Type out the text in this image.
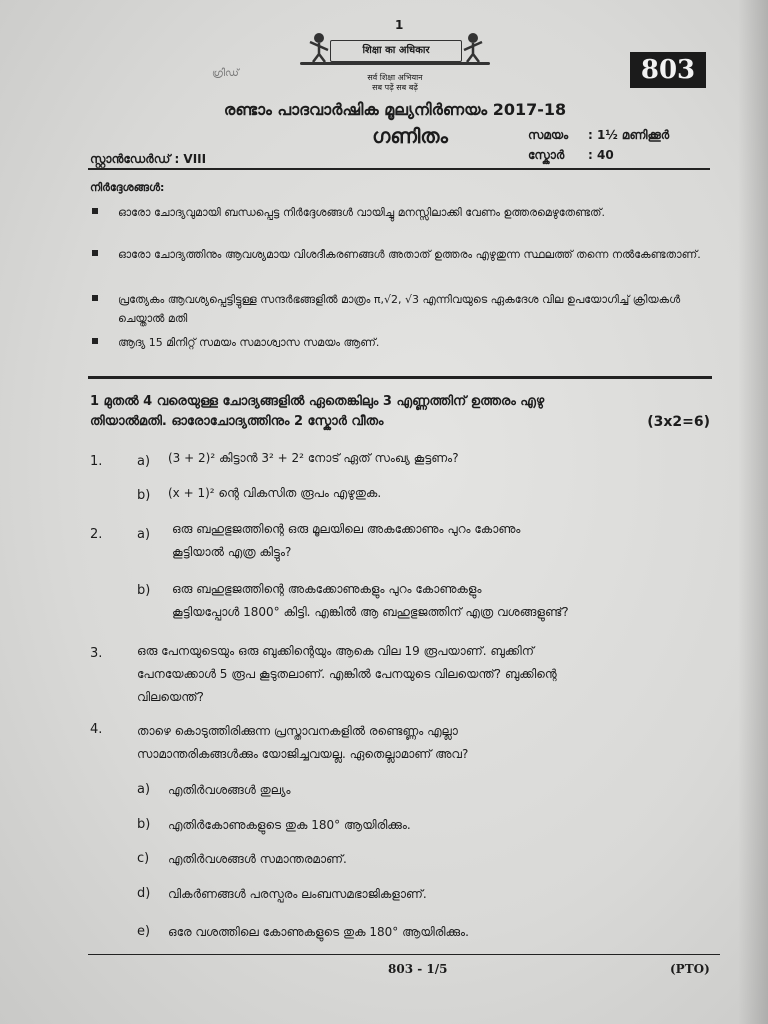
1
शिक्षा का अधिकार
सर्व शिक्षा अभियान
सब पढ़ें सब बढ़ें
ഗ്രിഡ്	803
രണ്ടാം പാദവാർഷിക മൂല്യനിർണയം 2017-18
ഗണിതം	സമയം : 1½ മണിക്കൂർ
സ്കോർ : 40
സ്റ്റാൻഡേർഡ് : VIII
നിർദ്ദേശങ്ങൾ:
ഓരോ ചോദ്യവുമായി ബന്ധപ്പെട്ട നിർദ്ദേശങ്ങൾ വായിച്ചു മനസ്സിലാക്കി വേണം ഉത്തരമെഴുതേണ്ടത്.
ഓരോ ചോദ്യത്തിനും ആവശ്യമായ വിശദീകരണങ്ങൾ അതാത് ഉത്തരം എഴുതുന്ന സ്ഥലത്ത് തന്നെ നൽകേണ്ടതാണ്.
പ്രത്യേകം ആവശ്യപ്പെട്ടിട്ടുള്ള സന്ദർഭങ്ങളിൽ മാത്രം π,√2, √3 എന്നിവയുടെ ഏകദേശ വില ഉപയോഗിച്ച് ക്രിയകൾ ചെയ്താൽ മതി
ആദ്യ 15 മിനിറ്റ് സമയം സമാശ്വാസ സമയം ആണ്.
1 മുതൽ 4 വരെയുള്ള ചോദ്യങ്ങളിൽ ഏതെങ്കിലും 3 എണ്ണത്തിന് ഉത്തരം എഴു
തിയാൽമതി. ഓരോചോദ്യത്തിനും 2 സ്കോർ വീതം	(3x2=6)
1.	a) (3 + 2)² കിട്ടാൻ 3² + 2² നോട് ഏത് സംഖ്യ കൂട്ടണം?
b) (x + 1)² ന്റെ വികസിത രൂപം എഴുതുക.
2.	a) ഒരു ബഹുഭുജത്തിന്റെ ഒരു മൂലയിലെ അകക്കോണും പുറം കോണും
കൂട്ടിയാൽ എത്ര കിട്ടും?
b) ഒരു ബഹുഭുജത്തിന്റെ അകക്കോണുകളും പുറം കോണുകളും
കൂട്ടിയപ്പോൾ 1800° കിട്ടി. എങ്കിൽ ആ ബഹുഭുജത്തിന് എത്ര വശങ്ങളുണ്ട്?
3.	ഒരു പേനയുടെയും ഒരു ബുക്കിന്റെയും ആകെ വില 19 രൂപയാണ്. ബുക്കിന്
പേനയേക്കാൾ 5 രൂപ കൂടുതലാണ്. എങ്കിൽ പേനയുടെ വിലയെന്ത്? ബുക്കിന്റെ
വിലയെന്ത്?
4.	താഴെ കൊടുത്തിരിക്കുന്ന പ്രസ്താവനകളിൽ രണ്ടെണ്ണം എല്ലാ
സാമാന്തരികങ്ങൾക്കും യോജിച്ചവയല്ല. ഏതെല്ലാമാണ് അവ?
a) എതിർവശങ്ങൾ തുല്യം
b) എതിർകോണുകളുടെ തുക 180° ആയിരിക്കും.
c) എതിർവശങ്ങൾ സമാന്തരമാണ്.
d) വികർണങ്ങൾ പരസ്പരം ലംബസമഭാജികളാണ്.
e) ഒരേ വശത്തിലെ കോണുകളുടെ തുക 180° ആയിരിക്കും.
803 - 1/5	(PTO)
